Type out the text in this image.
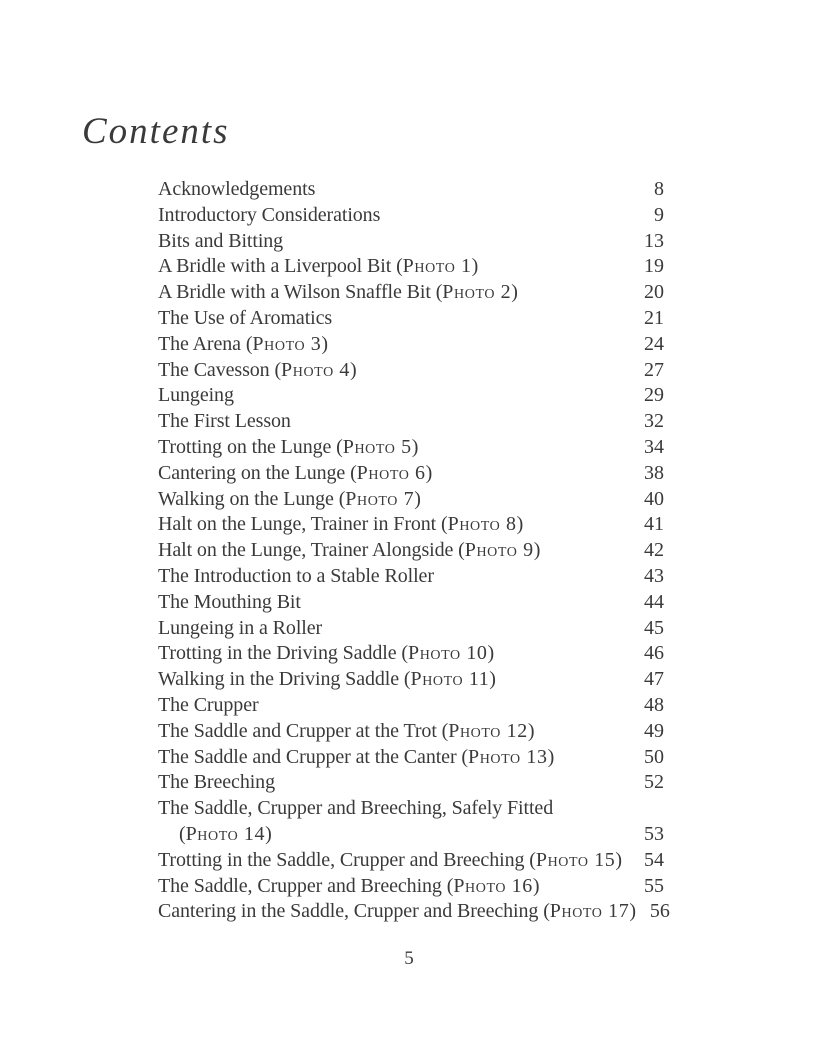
Contents
Acknowledgements	8
Introductory Considerations	9
Bits and Bitting	13
A Bridle with a Liverpool Bit (Photo 1)	19
A Bridle with a Wilson Snaffle Bit (Photo 2)	20
The Use of Aromatics	21
The Arena (Photo 3)	24
The Cavesson (Photo 4)	27
Lungeing	29
The First Lesson	32
Trotting on the Lunge (Photo 5)	34
Cantering on the Lunge (Photo 6)	38
Walking on the Lunge (Photo 7)	40
Halt on the Lunge, Trainer in Front (Photo 8)	41
Halt on the Lunge, Trainer Alongside (Photo 9)	42
The Introduction to a Stable Roller	43
The Mouthing Bit	44
Lungeing in a Roller	45
Trotting in the Driving Saddle (Photo 10)	46
Walking in the Driving Saddle (Photo 11)	47
The Crupper	48
The Saddle and Crupper at the Trot (Photo 12)	49
The Saddle and Crupper at the Canter (Photo 13)	50
The Breeching	52
The Saddle, Crupper and Breeching, Safely Fitted
(Photo 14)	53
Trotting in the Saddle, Crupper and Breeching (Photo 15)	54
The Saddle, Crupper and Breeching (Photo 16)	55
Cantering in the Saddle, Crupper and Breeching (Photo 17) 56
5
